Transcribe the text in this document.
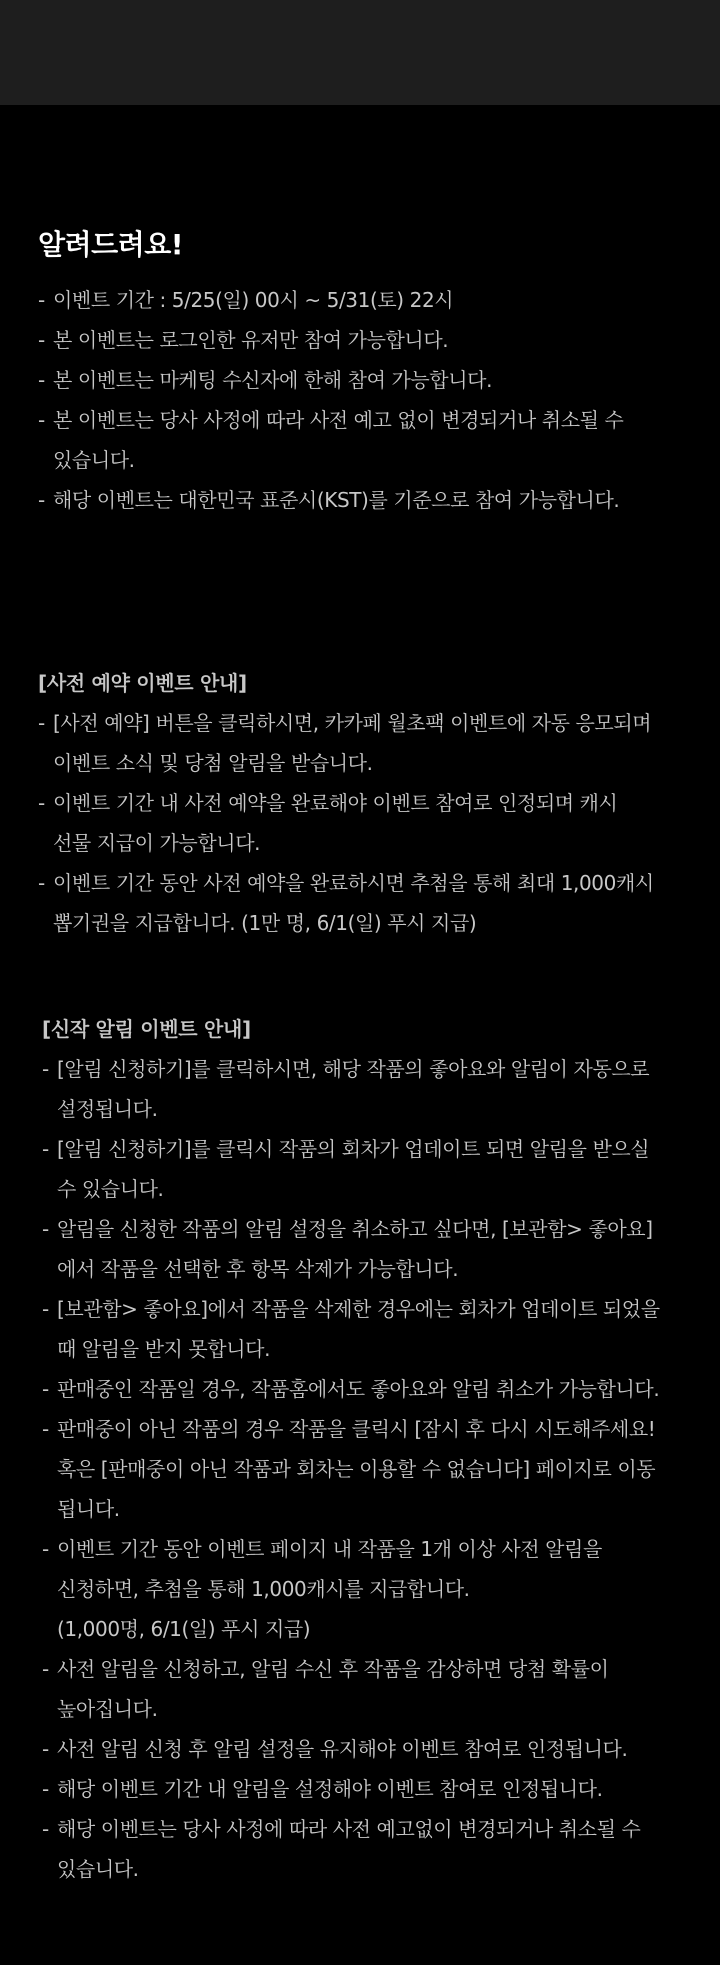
알려드려요!
- 이벤트 기간 : 5/25(일) 00시 ~ 5/31(토) 22시
- 본 이벤트는 로그인한 유저만 참여 가능합니다.
- 본 이벤트는 마케팅 수신자에 한해 참여 가능합니다.
- 본 이벤트는 당사 사정에 따라 사전 예고 없이 변경되거나 취소될 수
있습니다.
- 해당 이벤트는 대한민국 표준시(KST)를 기준으로 참여 가능합니다.
[사전 예약 이벤트 안내]
- [사전 예약] 버튼을 클릭하시면, 카카페 월초팩 이벤트에 자동 응모되며
이벤트 소식 및 당첨 알림을 받습니다.
- 이벤트 기간 내 사전 예약을 완료해야 이벤트 참여로 인정되며 캐시
선물 지급이 가능합니다.
- 이벤트 기간 동안 사전 예약을 완료하시면 추첨을 통해 최대 1,000캐시
뽑기권을 지급합니다. (1만 명, 6/1(일) 푸시 지급)
[신작 알림 이벤트 안내]
- [알림 신청하기]를 클릭하시면, 해당 작품의 좋아요와 알림이 자동으로
설정됩니다.
- [알림 신청하기]를 클릭시 작품의 회차가 업데이트 되면 알림을 받으실
수 있습니다.
- 알림을 신청한 작품의 알림 설정을 취소하고 싶다면, [보관함> 좋아요]
에서 작품을 선택한 후 항목 삭제가 가능합니다.
- [보관함> 좋아요]에서 작품을 삭제한 경우에는 회차가 업데이트 되었을
때 알림을 받지 못합니다.
- 판매중인 작품일 경우, 작품홈에서도 좋아요와 알림 취소가 가능합니다.
- 판매중이 아닌 작품의 경우 작품을 클릭시 [잠시 후 다시 시도해주세요!
혹은 [판매중이 아닌 작품과 회차는 이용할 수 없습니다] 페이지로 이동
됩니다.
- 이벤트 기간 동안 이벤트 페이지 내 작품을 1개 이상 사전 알림을
신청하면, 추첨을 통해 1,000캐시를 지급합니다.
(1,000명, 6/1(일) 푸시 지급)
- 사전 알림을 신청하고, 알림 수신 후 작품을 감상하면 당첨 확률이
높아집니다.
- 사전 알림 신청 후 알림 설정을 유지해야 이벤트 참여로 인정됩니다.
- 해당 이벤트 기간 내 알림을 설정해야 이벤트 참여로 인정됩니다.
- 해당 이벤트는 당사 사정에 따라 사전 예고없이 변경되거나 취소될 수
있습니다.
